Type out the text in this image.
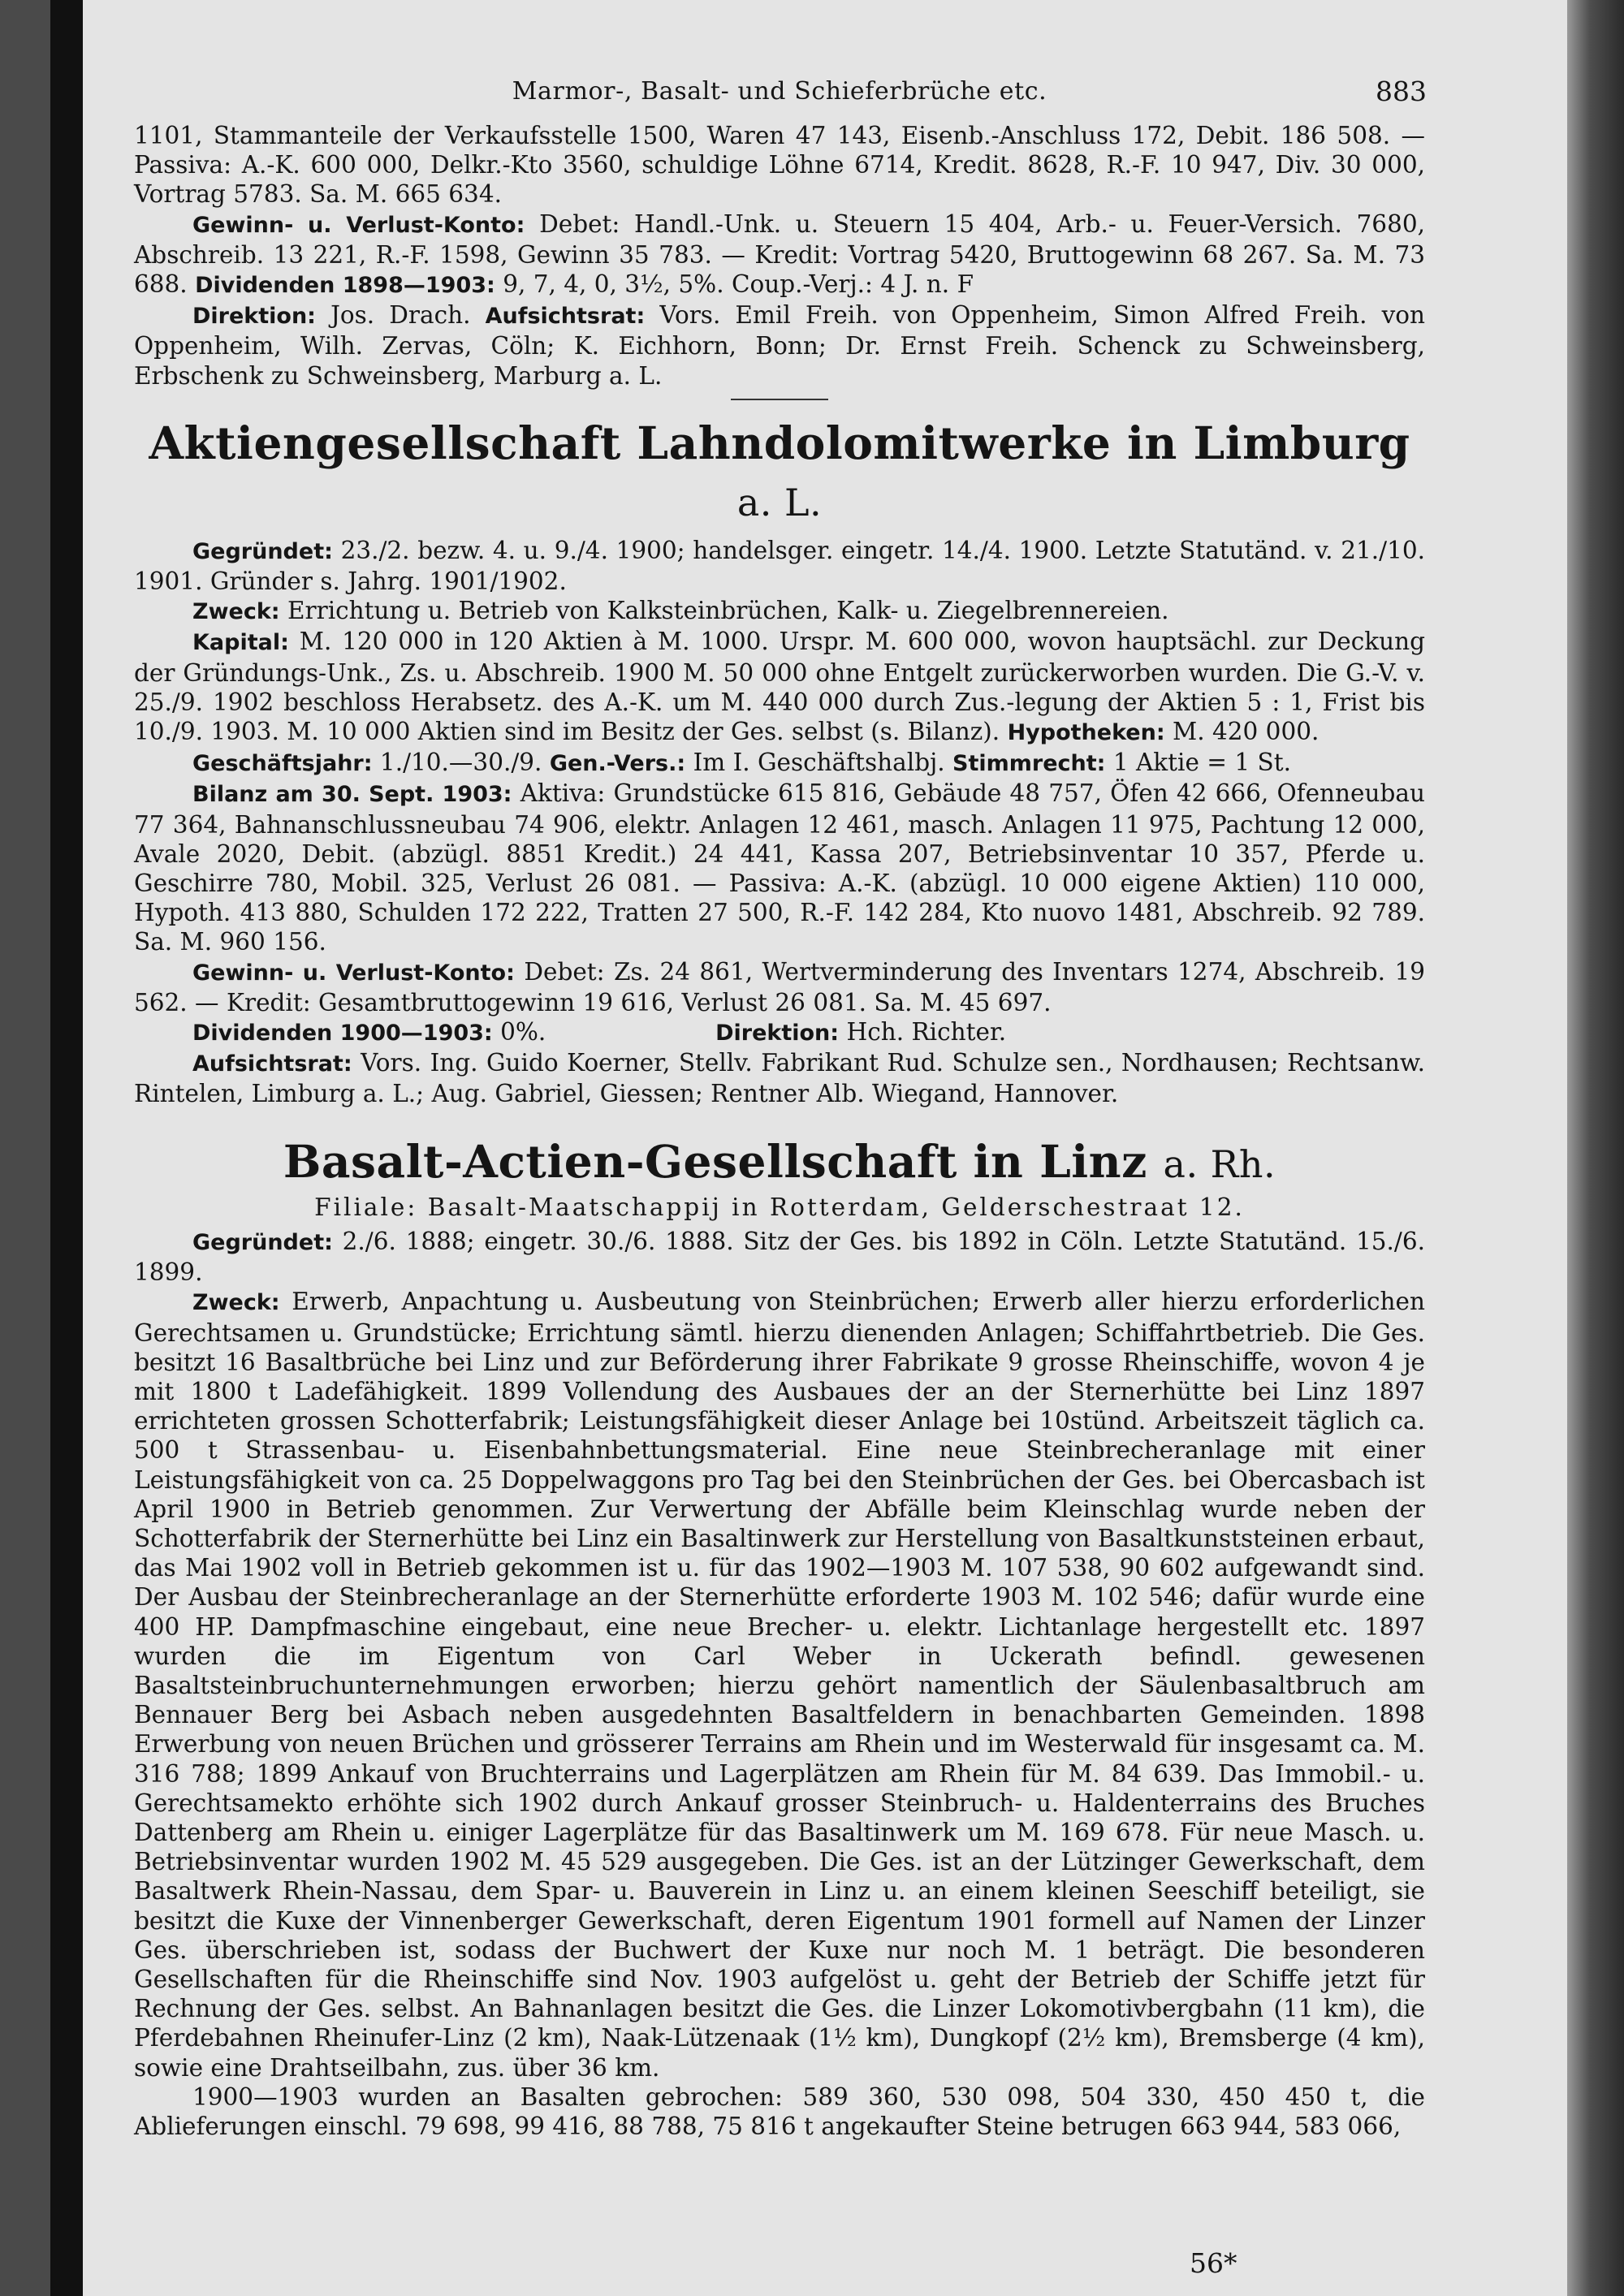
Marmor-, Basalt- und Schieferbrüche etc.	883

1101, Stammanteile der Verkaufsstelle 1500, Waren 47 143, Eisenb.-Anschluss 172, Debit. 186 508. — Passiva: A.-K. 600 000, Delkr.-Kto 3560, schuldige Löhne 6714, Kredit. 8628, R.-F. 10 947, Div. 30 000, Vortrag 5783. Sa. M. 665 634.

Gewinn- u. Verlust-Konto: Debet: Handl.-Unk. u. Steuern 15 404, Arb.- u. Feuer-Versich. 7680, Abschreib. 13 221, R.-F. 1598, Gewinn 35 783. — Kredit: Vortrag 5420, Bruttogewinn 68 267. Sa. M. 73 688. Dividenden 1898—1903: 9, 7, 4, 0, 3½, 5%. Coup.-Verj.: 4 J. n. F

Direktion: Jos. Drach. Aufsichtsrat: Vors. Emil Freih. von Oppenheim, Simon Alfred Freih. von Oppenheim, Wilh. Zervas, Cöln; K. Eichhorn, Bonn; Dr. Ernst Freih. Schenck zu Schweinsberg, Erbschenk zu Schweinsberg, Marburg a. L.

Aktiengesellschaft Lahndolomitwerke in Limburg a. L.

Gegründet: 23./2. bezw. 4. u. 9./4. 1900; handelsger. eingetr. 14./4. 1900. Letzte Statutänd. v. 21./10. 1901. Gründer s. Jahrg. 1901/1902.

Zweck: Errichtung u. Betrieb von Kalksteinbrüchen, Kalk- u. Ziegelbrennereien.

Kapital: M. 120 000 in 120 Aktien à M. 1000. Urspr. M. 600 000, wovon hauptsächl. zur Deckung der Gründungs-Unk., Zs. u. Abschreib. 1900 M. 50 000 ohne Entgelt zurückerworben wurden. Die G.-V. v. 25./9. 1902 beschloss Herabsetz. des A.-K. um M. 440 000 durch Zus.-legung der Aktien 5 : 1, Frist bis 10./9. 1903. M. 10 000 Aktien sind im Besitz der Ges. selbst (s. Bilanz). Hypotheken: M. 420 000.

Geschäftsjahr: 1./10.—30./9. Gen.-Vers.: Im I. Geschäftshalbj. Stimmrecht: 1 Aktie = 1 St.

Bilanz am 30. Sept. 1903: Aktiva: Grundstücke 615 816, Gebäude 48 757, Öfen 42 666, Ofenneubau 77 364, Bahnanschlussneubau 74 906, elektr. Anlagen 12 461, masch. Anlagen 11 975, Pachtung 12 000, Avale 2020, Debit. (abzügl. 8851 Kredit.) 24 441, Kassa 207, Betriebsinventar 10 357, Pferde u. Geschirre 780, Mobil. 325, Verlust 26 081. — Passiva: A.-K. (abzügl. 10 000 eigene Aktien) 110 000, Hypoth. 413 880, Schulden 172 222, Tratten 27 500, R.-F. 142 284, Kto nuovo 1481, Abschreib. 92 789. Sa. M. 960 156.

Gewinn- u. Verlust-Konto: Debet: Zs. 24 861, Wertverminderung des Inventars 1274, Abschreib. 19 562. — Kredit: Gesamtbruttogewinn 19 616, Verlust 26 081. Sa. M. 45 697.

Dividenden 1900—1903: 0%.	Direktion: Hch. Richter.

Aufsichtsrat: Vors. Ing. Guido Koerner, Stellv. Fabrikant Rud. Schulze sen., Nordhausen; Rechtsanw. Rintelen, Limburg a. L.; Aug. Gabriel, Giessen; Rentner Alb. Wiegand, Hannover.

Basalt-Actien-Gesellschaft in Linz a. Rh.

Filiale: Basalt-Maatschappij in Rotterdam, Gelderschestraat 12.

Gegründet: 2./6. 1888; eingetr. 30./6. 1888. Sitz der Ges. bis 1892 in Cöln. Letzte Statutänd. 15./6. 1899.

Zweck: Erwerb, Anpachtung u. Ausbeutung von Steinbrüchen; Erwerb aller hierzu erforderlichen Gerechtsamen u. Grundstücke; Errichtung sämtl. hierzu dienenden Anlagen; Schiffahrtbetrieb. Die Ges. besitzt 16 Basaltbrüche bei Linz und zur Beförderung ihrer Fabrikate 9 grosse Rheinschiffe, wovon 4 je mit 1800 t Ladefähigkeit. 1899 Vollendung des Ausbaues der an der Sternerhütte bei Linz 1897 errichteten grossen Schotterfabrik; Leistungsfähigkeit dieser Anlage bei 10stünd. Arbeitszeit täglich ca. 500 t Strassenbau- u. Eisenbahnbettungsmaterial. Eine neue Steinbrecheranlage mit einer Leistungsfähigkeit von ca. 25 Doppelwaggons pro Tag bei den Steinbrüchen der Ges. bei Obercasbach ist April 1900 in Betrieb genommen. Zur Verwertung der Abfälle beim Kleinschlag wurde neben der Schotterfabrik der Sternerhütte bei Linz ein Basaltinwerk zur Herstellung von Basaltkunststeinen erbaut, das Mai 1902 voll in Betrieb gekommen ist u. für das 1902—1903 M. 107 538, 90 602 aufgewandt sind. Der Ausbau der Steinbrecheranlage an der Sternerhütte erforderte 1903 M. 102 546; dafür wurde eine 400 HP. Dampfmaschine eingebaut, eine neue Brecher- u. elektr. Lichtanlage hergestellt etc. 1897 wurden die im Eigentum von Carl Weber in Uckerath befindl. gewesenen Basaltsteinbruchunternehmungen erworben; hierzu gehört namentlich der Säulenbasaltbruch am Bennauer Berg bei Asbach neben ausgedehnten Basaltfeldern in benachbarten Gemeinden. 1898 Erwerbung von neuen Brüchen und grösserer Terrains am Rhein und im Westerwald für insgesamt ca. M. 316 788; 1899 Ankauf von Bruchterrains und Lagerplätzen am Rhein für M. 84 639. Das Immobil.- u. Gerechtsamekto erhöhte sich 1902 durch Ankauf grosser Steinbruch- u. Haldenterrains des Bruches Dattenberg am Rhein u. einiger Lagerplätze für das Basaltinwerk um M. 169 678. Für neue Masch. u. Betriebsinventar wurden 1902 M. 45 529 ausgegeben. Die Ges. ist an der Lützinger Gewerkschaft, dem Basaltwerk Rhein-Nassau, dem Spar- u. Bauverein in Linz u. an einem kleinen Seeschiff beteiligt, sie besitzt die Kuxe der Vinnenberger Gewerkschaft, deren Eigentum 1901 formell auf Namen der Linzer Ges. überschrieben ist, sodass der Buchwert der Kuxe nur noch M. 1 beträgt. Die besonderen Gesellschaften für die Rheinschiffe sind Nov. 1903 aufgelöst u. geht der Betrieb der Schiffe jetzt für Rechnung der Ges. selbst. An Bahnanlagen besitzt die Ges. die Linzer Lokomotivbergbahn (11 km), die Pferdebahnen Rheinufer-Linz (2 km), Naak-Lützenaak (1½ km), Dungkopf (2½ km), Bremsberge (4 km), sowie eine Drahtseilbahn, zus. über 36 km.

1900—1903 wurden an Basalten gebrochen: 589 360, 530 098, 504 330, 450 450 t, die Ablieferungen einschl. 79 698, 99 416, 88 788, 75 816 t angekaufter Steine betrugen 663 944, 583 066,

56*
